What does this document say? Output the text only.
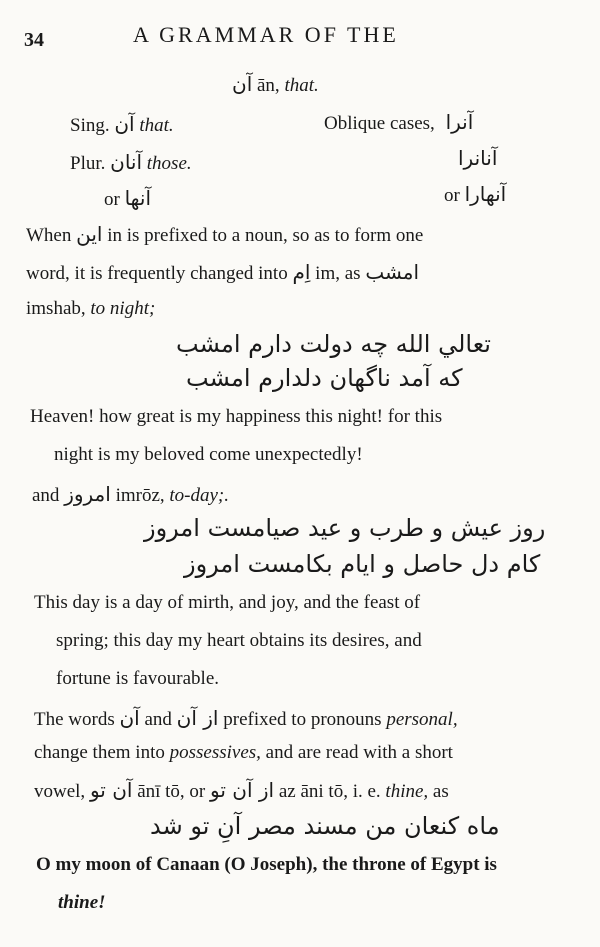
34	A GRAMMAR OF THE
آن ān, that.
Sing. آن that.	Oblique cases, آنرا
Plur. آنان those.	آنانرا
or آنها	or آنهارا
When این in is prefixed to a noun, so as to form one
word, it is frequently changed into اِم im, as امشب
imshab, to night;
تعالي الله چه دولت دارم امشب
كه آمد ناگهان دلدارم امشب
Heaven! how great is my happiness this night! for this
night is my beloved come unexpectedly!
and امروز imrōz, to-day;.
روز عيش و طرب و عيد صيامست امروز
كام دل حاصل و ايام بكامست امروز
This day is a day of mirth, and joy, and the feast of
spring; this day my heart obtains its desires, and
fortune is favourable.
The words آن and از آن prefixed to pronouns personal,
change them into possessives, and are read with a short
vowel, آن تو ānī tō, or از آن تو az āni tō, i. e. thine, as
ماه كنعان من مسند مصر آنِ تو شد
O my moon of Canaan (O Joseph), the throne of Egypt is
thine!
